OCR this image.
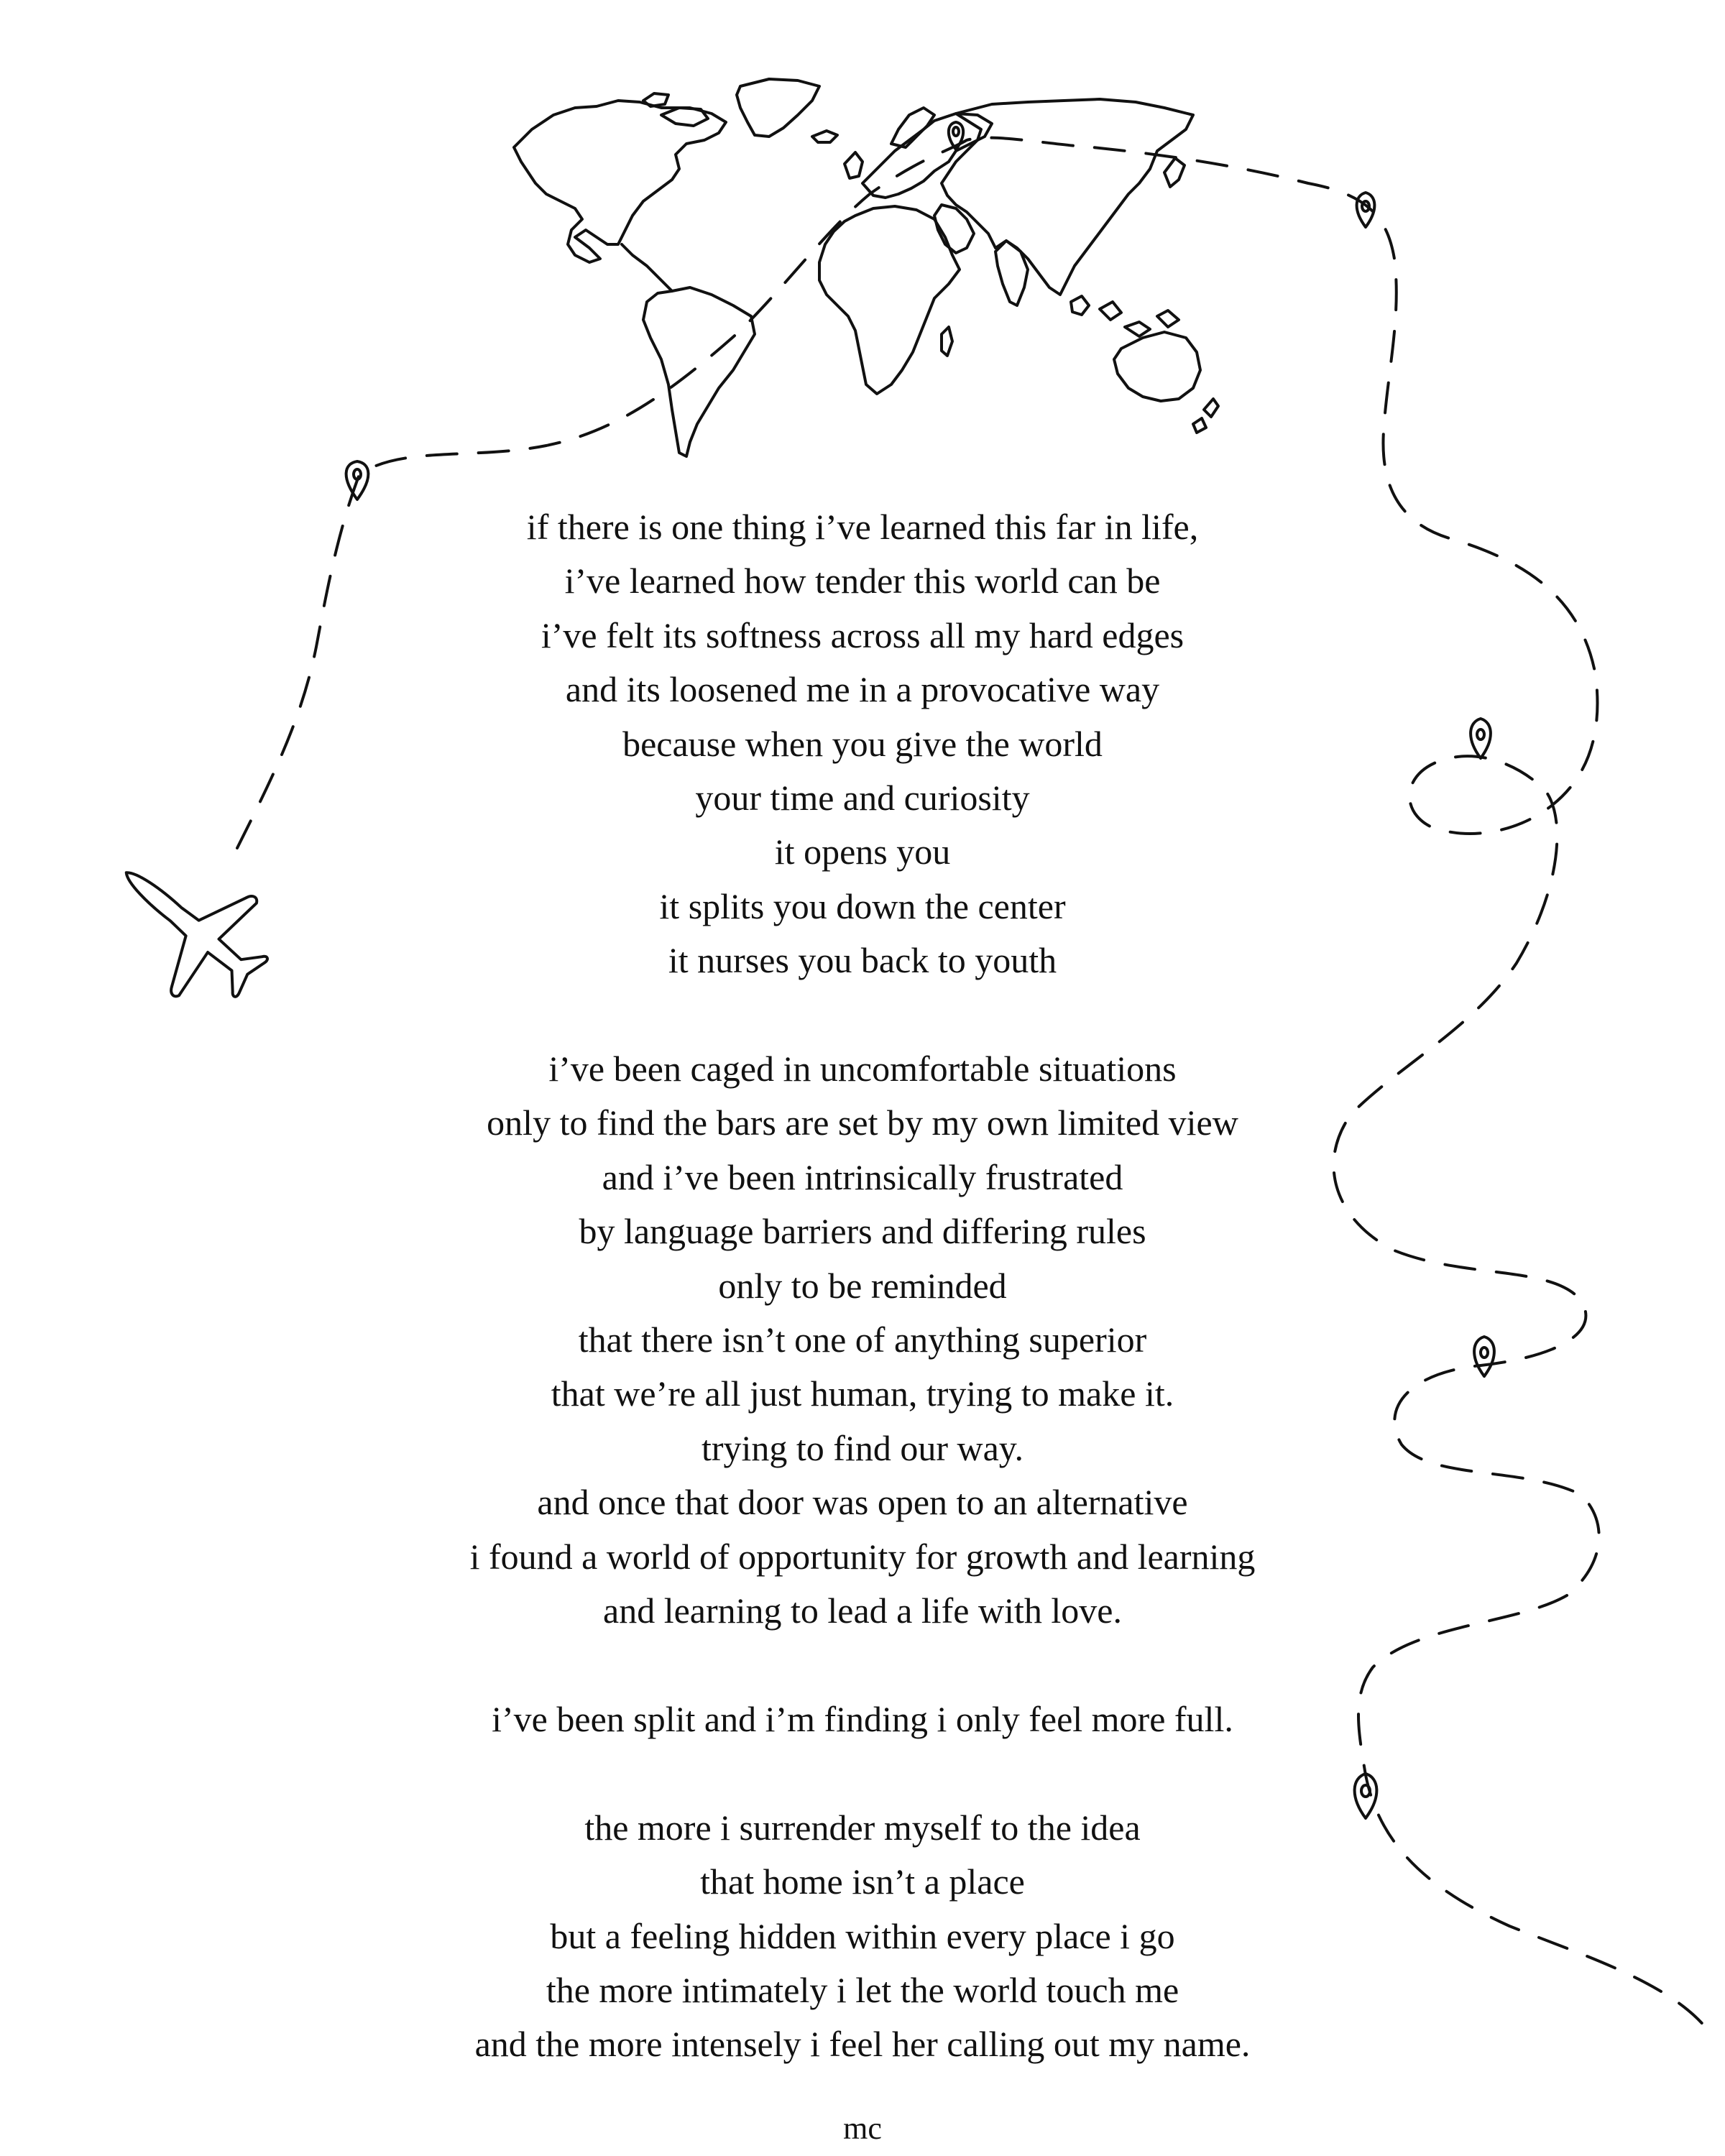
if there is one thing i’ve learned this far in life,
i’ve learned how tender this world can be
i’ve felt its softness across all my hard edges
and its loosened me in a provocative way
because when you give the world
your time and curiosity
it opens you
it splits you down the center
it nurses you back to youth
i’ve been caged in uncomfortable situations
only to find the bars are set by my own limited view
and i’ve been intrinsically frustrated
by language barriers and differing rules
only to be reminded
that there isn’t one of anything superior
that we’re all just human, trying to make it.
trying to find our way.
and once that door was open to an alternative
i found a world of opportunity for growth and learning
and learning to lead a life with love.
i’ve been split and i’m finding i only feel more full.
the more i surrender myself to the idea
that home isn’t a place
but a feeling hidden within every place i go
the more intimately i let the world touch me
and the more intensely i feel her calling out my name.
mc
